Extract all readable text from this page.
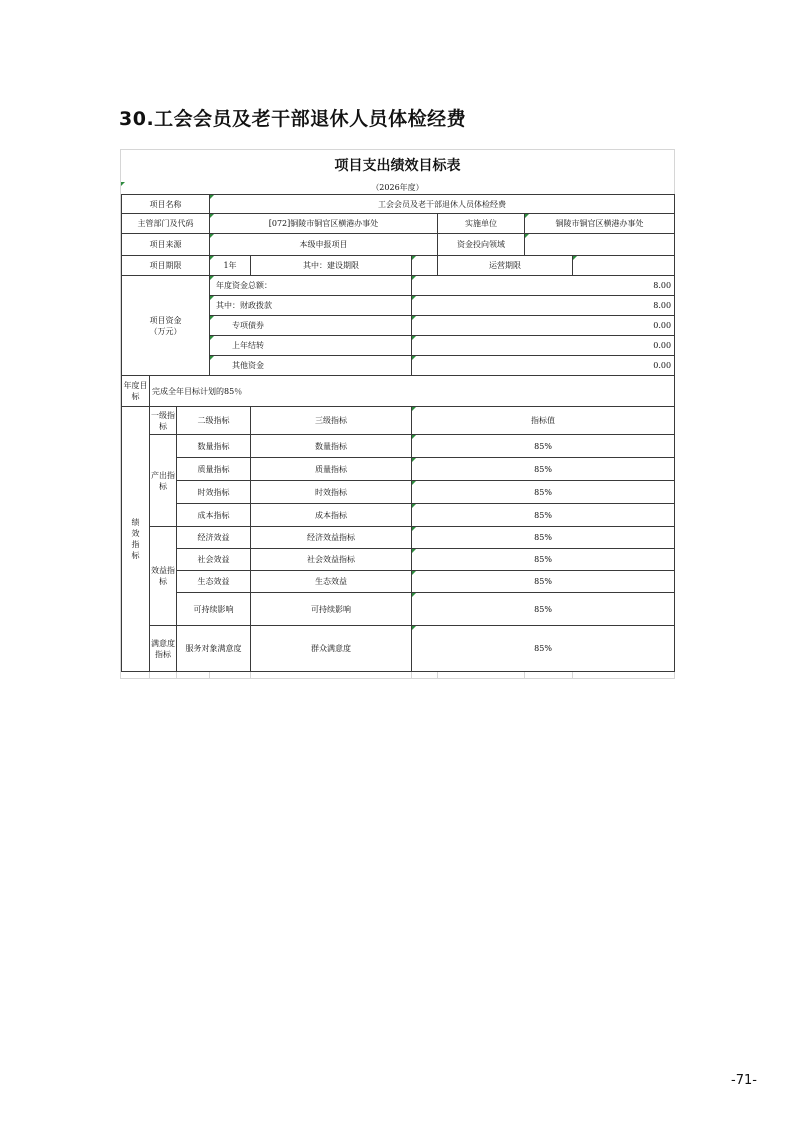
30.工会会员及老干部退休人员体检经费
项目支出绩效目标表
（2026年度）
项目名称			工会会员及老干部退休人员体检经费					
主管部门及代码			[072]铜陵市铜官区横港办事处			实施单位	铜陵市铜官区横港办事处	
项目来源			本级申报项目			资金投向领域		
项目期限			1年	其中：建设期限		运营期限		
项目资金
（万元）			年度资金总额：		8.00			
			其中：财政拨款		8.00			
			专项债券		0.00			
			上年结转		0.00			
			其他资金		0.00			
年度目标	完成全年目标计划的85％							
绩效指标	一级指标	二级指标		三级指标	指标值			
	产出指标	数量指标		数量指标	85%			
		质量指标		质量指标	85%			
		时效指标		时效指标	85%			
		成本指标		成本指标	85%			
	效益指标	经济效益		经济效益指标	85%			
		社会效益		社会效益指标	85%			
		生态效益		生态效益	85%			
		可持续影响		可持续影响	85%			
	满意度指标	服务对象满意度		群众满意度	85%			
-71-
